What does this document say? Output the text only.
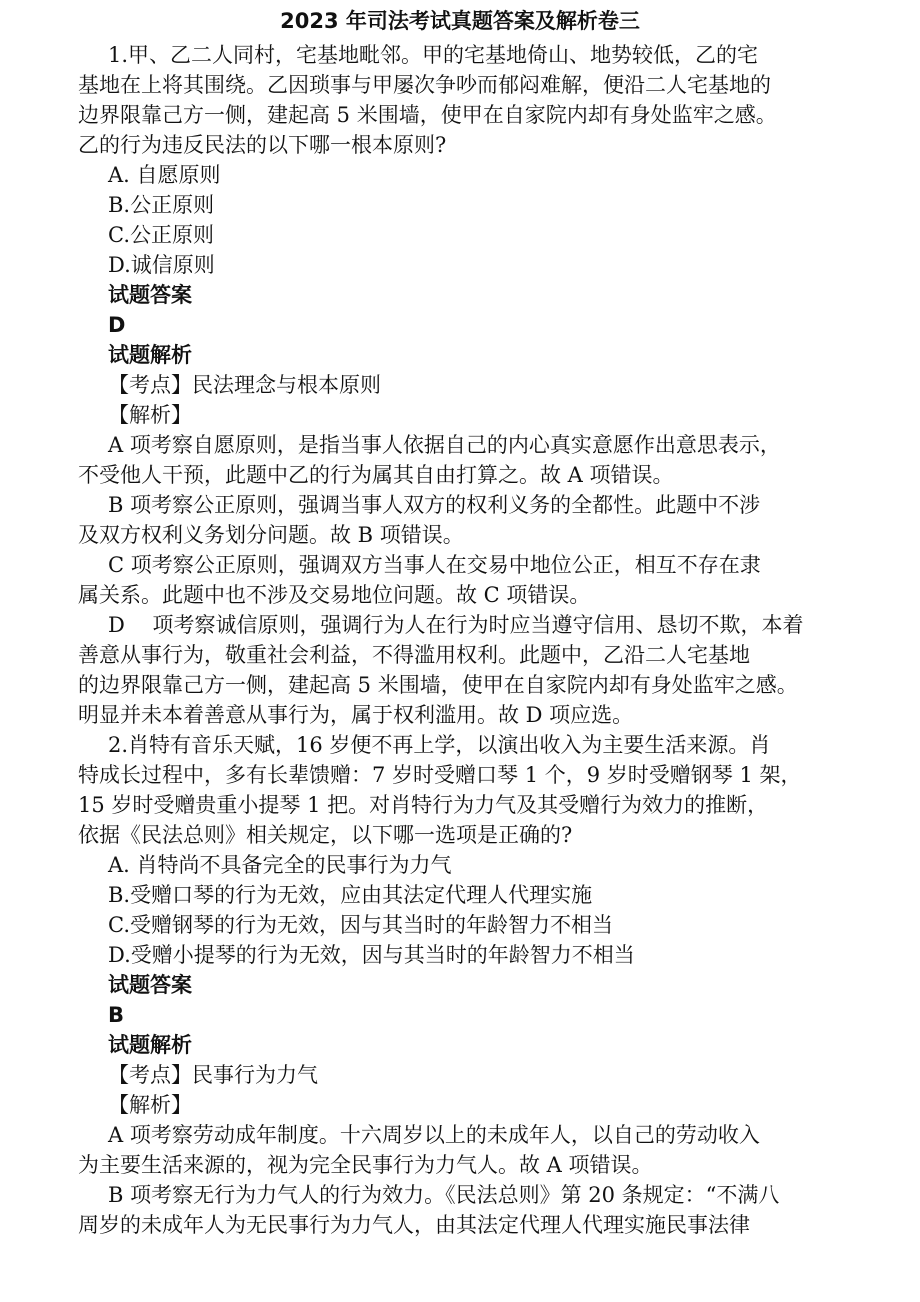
2023 年司法考试真题答案及解析卷三
1.甲、乙二人同村，宅基地毗邻。甲的宅基地倚山、地势较低，乙的宅
基地在上将其围绕。乙因琐事与甲屡次争吵而郁闷难解，便沿二人宅基地的
边界限靠己方一侧，建起高 5 米围墙，使甲在自家院内却有身处监牢之感。
乙的行为违反民法的以下哪一根本原则?
A. 自愿原则
B.公正原则
C.公正原则
D.诚信原则
试题答案
D
试题解析
【考点】民法理念与根本原则
【解析】
A 项考察自愿原则，是指当事人依据自己的内心真实意愿作出意思表示，
不受他人干预，此题中乙的行为属其自由打算之。故 A 项错误。
B 项考察公正原则，强调当事人双方的权利义务的全都性。此题中不涉
及双方权利义务划分问题。故 B 项错误。
C 项考察公正原则，强调双方当事人在交易中地位公正，相互不存在隶
属关系。此题中也不涉及交易地位问题。故 C 项错误。
D　 项考察诚信原则，强调行为人在行为时应当遵守信用、恳切不欺，本着
善意从事行为，敬重社会利益，不得滥用权利。此题中，乙沿二人宅基地
的边界限靠己方一侧，建起高 5 米围墙，使甲在自家院内却有身处监牢之感。
明显并未本着善意从事行为，属于权利滥用。故 D 项应选。
2.肖特有音乐天赋，16 岁便不再上学，以演出收入为主要生活来源。肖
特成长过程中，多有长辈馈赠：7 岁时受赠口琴 1 个，9 岁时受赠钢琴 1 架，
15 岁时受赠贵重小提琴 1 把。对肖特行为力气及其受赠行为效力的推断，
依据《民法总则》相关规定，以下哪一选项是正确的?
A. 肖特尚不具备完全的民事行为力气
B.受赠口琴的行为无效，应由其法定代理人代理实施
C.受赠钢琴的行为无效，因与其当时的年龄智力不相当
D.受赠小提琴的行为无效，因与其当时的年龄智力不相当
试题答案
B
试题解析
【考点】民事行为力气
【解析】
A 项考察劳动成年制度。十六周岁以上的未成年人，以自己的劳动收入
为主要生活来源的，视为完全民事行为力气人。故 A 项错误。
B 项考察无行为力气人的行为效力。《民法总则》第 20 条规定：“不满八
周岁的未成年人为无民事行为力气人，由其法定代理人代理实施民事法律
